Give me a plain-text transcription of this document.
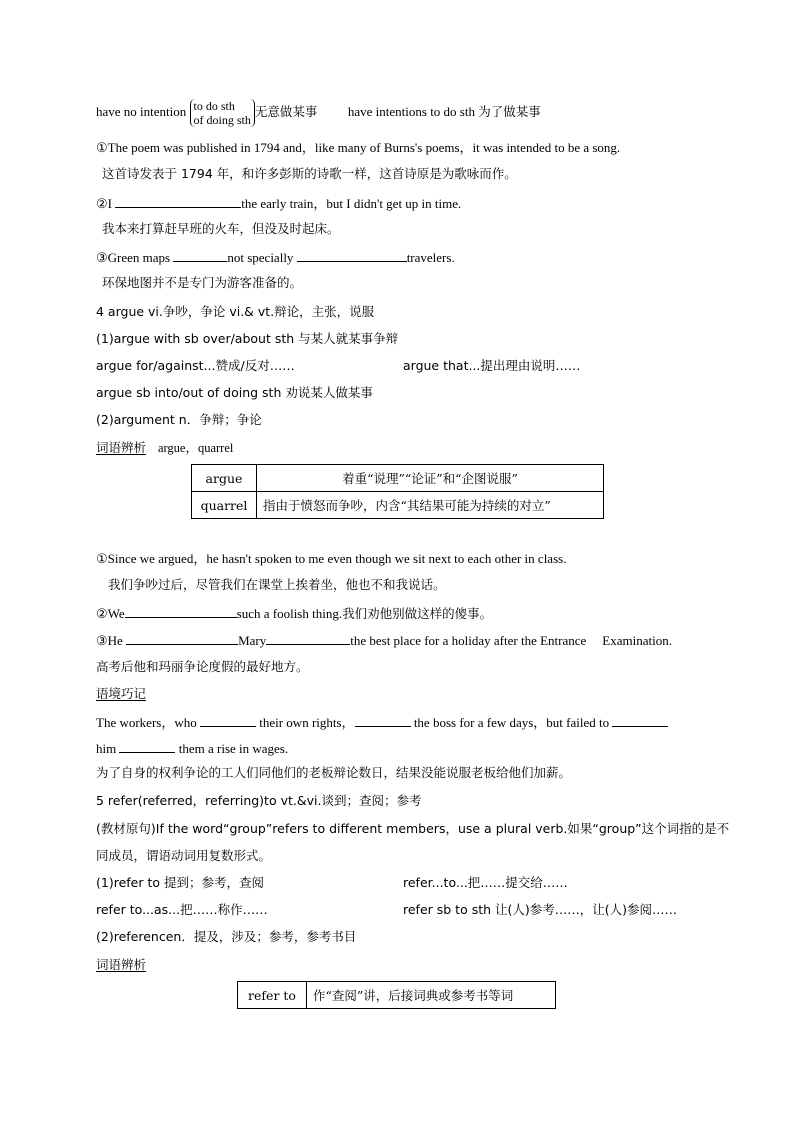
have no intention to do sth
of doing sth无意做某事 have intentions to do sth 为了做某事
①The poem was published in 1794 and，like many of Burns's poems，it was intended to be a song.
这首诗发表于 1794 年，和许多彭斯的诗歌一样，这首诗原是为歌咏而作。
②I	the early train，but I didn't get up in time.
我本来打算赶早班的火车，但没及时起床。
③Green maps	not specially	travelers.
环保地图并不是专门为游客准备的。
4 argue vi.争吵，争论 vi.& vt.辩论，主张，说服
(1)argue with sb over/about sth 与某人就某事争辩
argue for/against...赞成/反对……	argue that...提出理由说明……
argue sb into/out of doing sth 劝说某人做某事
(2)argument n．争辩；争论
词语辨析 argue，quarrel
argue	着重“说理”“论证”和“企图说服”
quarrel	指由于愤怒而争吵，内含“其结果可能为持续的对立”
①Since we argued，he hasn't spoken to me even though we sit next to each other in class.
我们争吵过后，尽管我们在课堂上挨着坐，他也不和我说话。
②We	such a foolish thing.我们劝他别做这样的傻事。
③He	Mary	the best place for a holiday after the Entrance Examination.
高考后他和玛丽争论度假的最好地方。
语境巧记
The workers，who	their own rights，	the boss for a few days，but failed to
him	them a rise in wages.
为了自身的权利争论的工人们同他们的老板辩论数日，结果没能说服老板给他们加薪。
5 refer(referred，referring)to vt.&vi.谈到；查阅；参考
(教材原句)If the word“group”refers to different members，use a plural verb.如果“group”这个词指的是不
同成员，谓语动词用复数形式。
(1)refer to 提到；参考，查阅	refer...to...把……提交给……
refer to...as...把……称作……	refer sb to sth 让(人)参考……，让(人)参阅……
(2)referencen．提及，涉及；参考，参考书目
词语辨析
refer to	作“查阅”讲，后接词典或参考书等词
